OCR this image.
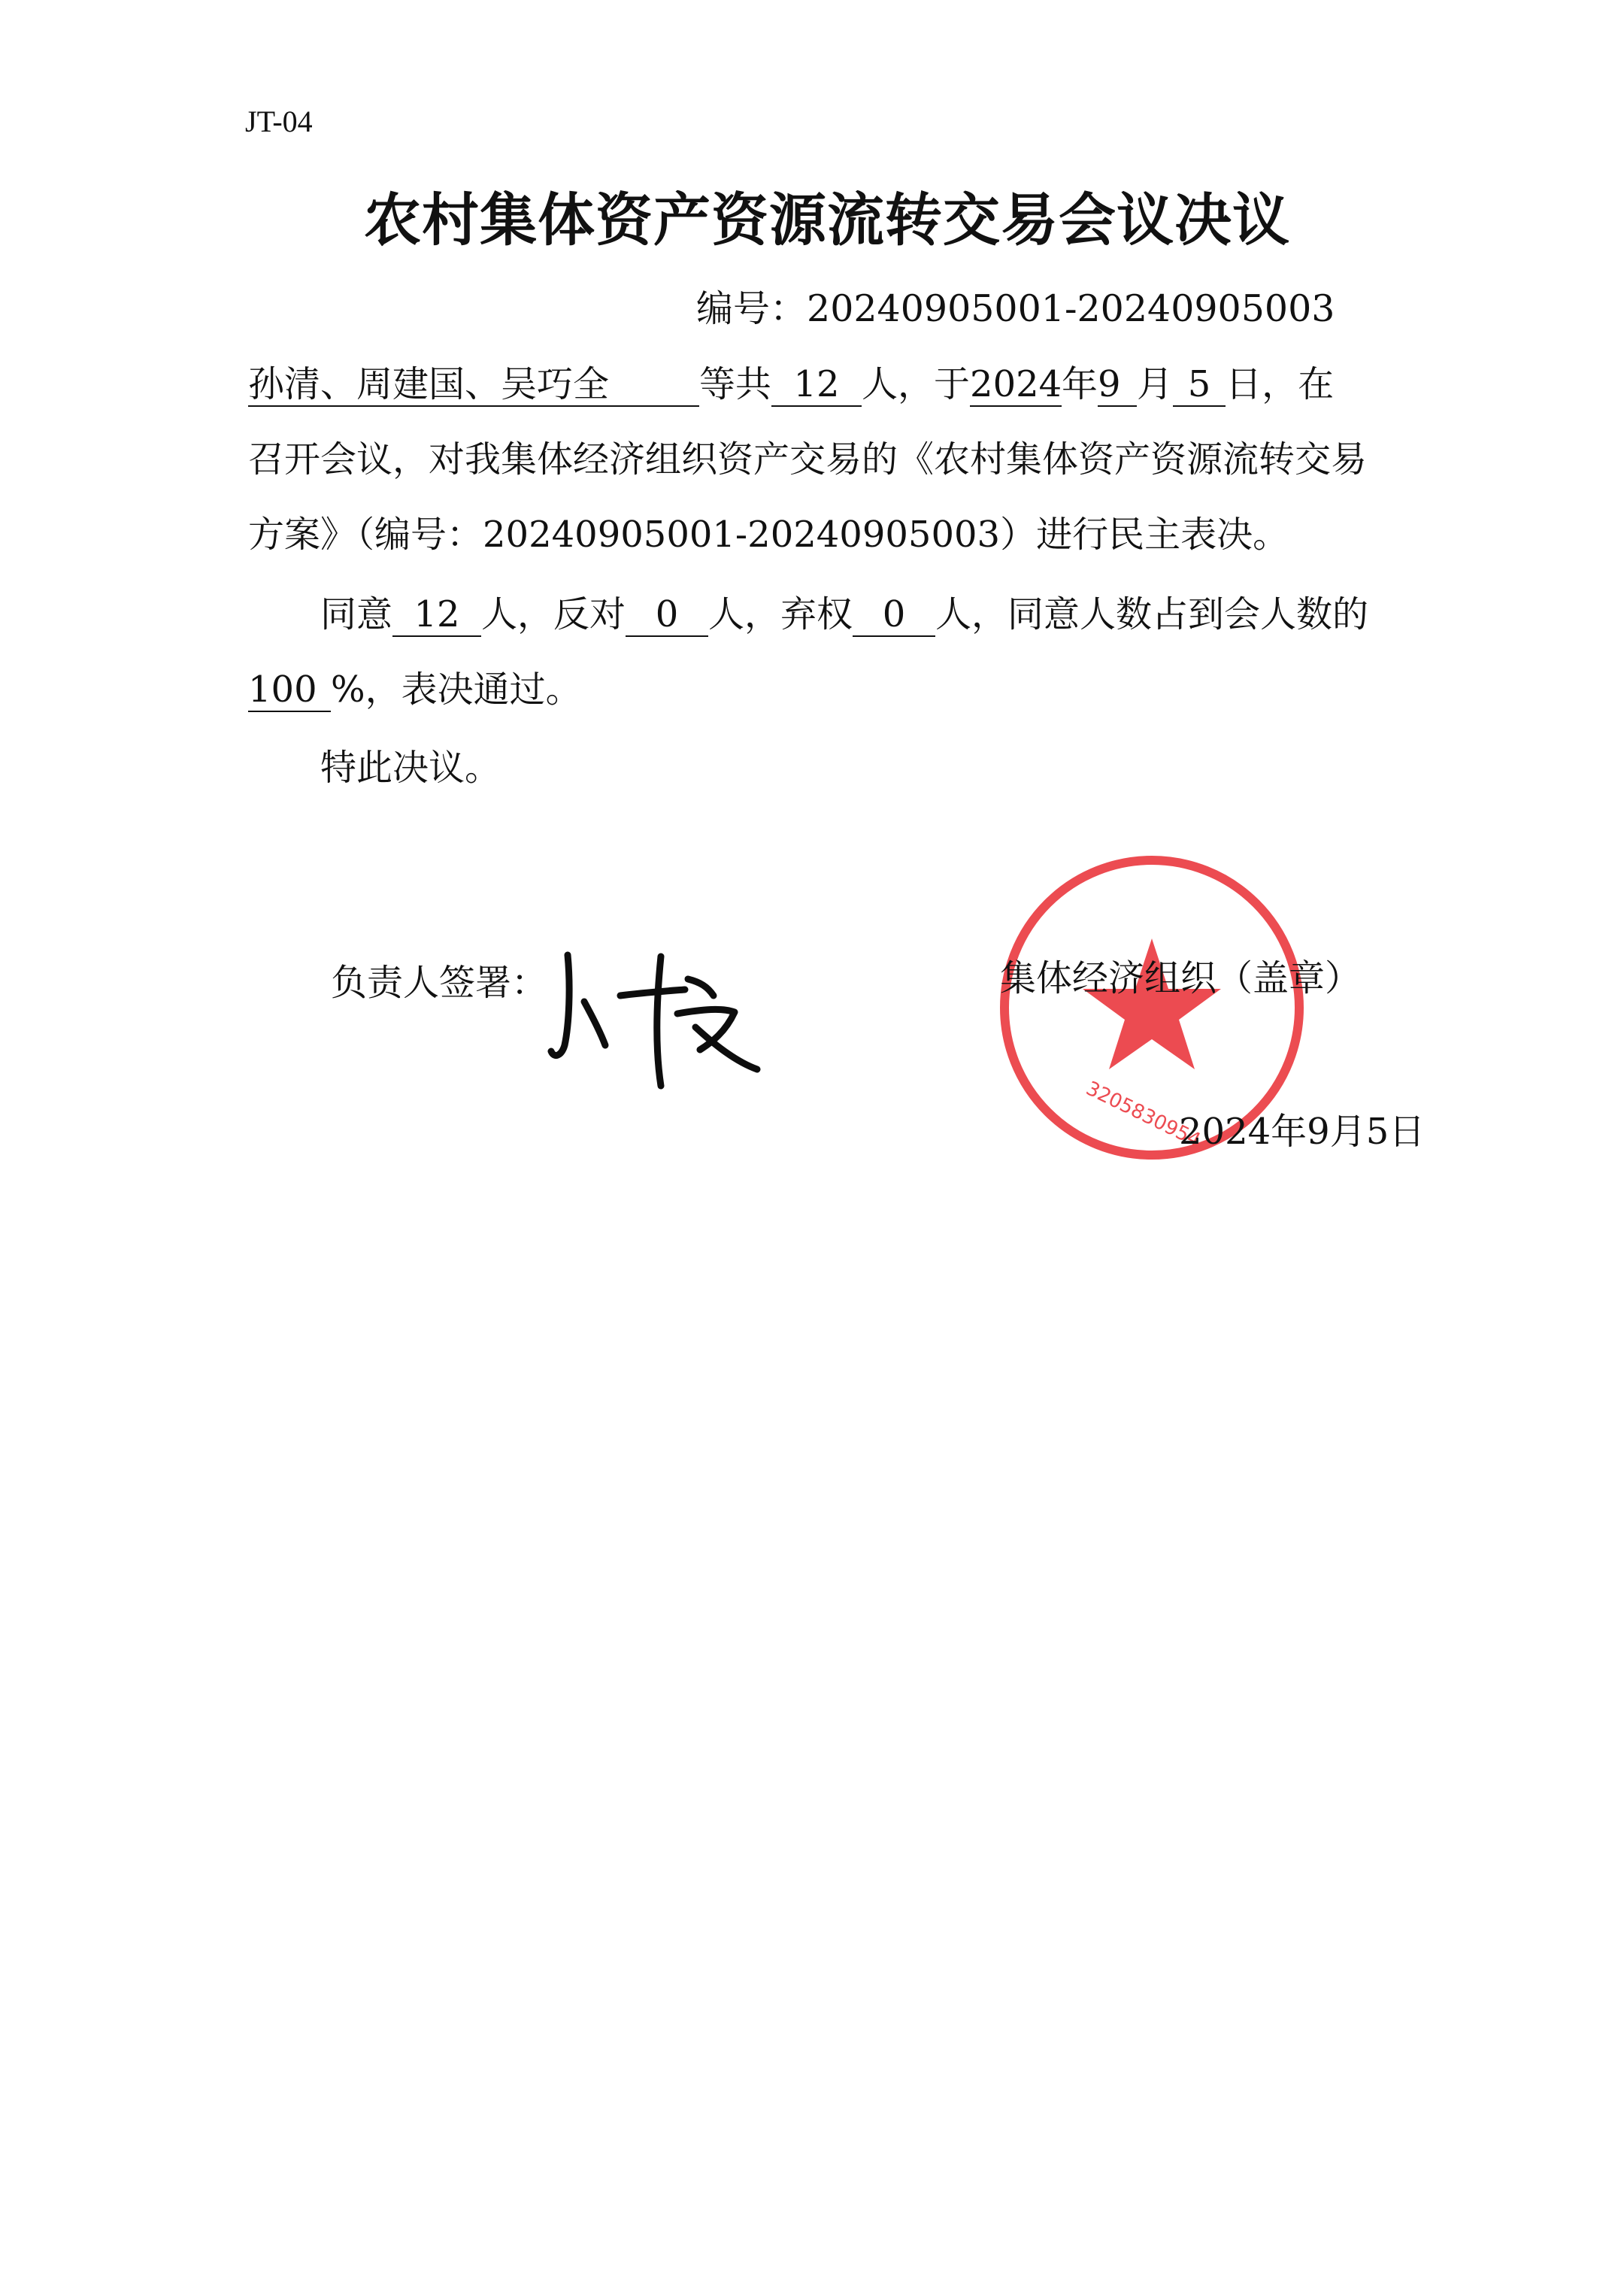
JT-04
农村集体资产资源流转交易会议决议
编号：20240905001-20240905003
孙清、周建国、吴巧全 等共 12 人，于2024年9 月 5 日，在
召开会议，对我集体经济组织资产交易的《农村集体资产资源流转交易
方案》（编号：20240905001-20240905003）进行民主表决。
同意 12 人，反对 0 人，弃权 0 人，同意人数占到会人数的
100 %，表决通过。
特此决议。
负责人签署：
3205830954
集体经济组织（盖章）
2024年9月5日
